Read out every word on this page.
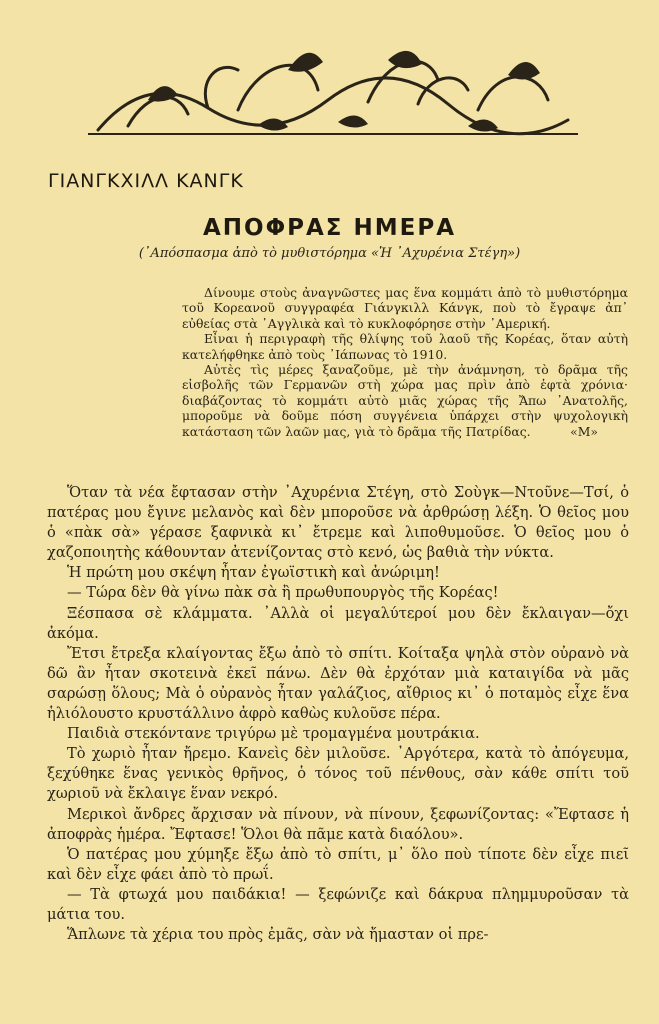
ΓΙΑΝΓΚΧΙΛΛ ΚΑΝΓΚ
ΑΠΟΦΡΑΣ ΗΜΕΡΑ
(᾿Απόσπασμα ἀπὸ τὸ μυθιστόρημα «Ἡ ᾿Αχυρένια Στέγη»)

Δίνουμε στοὺς ἀναγνῶστες μας ἕνα κομμάτι ἀπὸ τὸ μυθιστόρημα τοῦ Κορεανοῦ συγγραφέα Γιάνγκιλλ Κάνγκ, ποὺ τὸ ἔγραψε ἀπ᾿ εὐθείας στὰ ᾿Αγγλικὰ καὶ τὸ κυκλοφόρησε στὴν ᾿Αμερική.

Εἶναι ἡ περιγραφὴ τῆς θλίψης τοῦ λαοῦ τῆς Κορέας, ὅταν αὐτὴ κατελήφθηκε ἀπὸ τοὺς ᾿Ιάπωνας τὸ 1910.

Αὐτὲς τὶς μέρες ξαναζοῦμε, μὲ τὴν ἀνάμνηση, τὸ δρᾶμα τῆς εἰσβολῆς τῶν Γερμανῶν στὴ χώρα μας πρὶν ἀπὸ ἑφτὰ χρόνια· διαβάζοντας τὸ κομμάτι αὐτὸ μιᾶς χώρας τῆς Ἄπω ᾿Ανατολῆς, μποροῦμε νὰ δοῦμε πόση συγγένεια ὑπάρχει στὴν ψυχολογικὴ κατάσταση τῶν λαῶν μας, γιὰ τὸ δρᾶμα τῆς Πατρίδας.	«Μ»

Ὅταν τὰ νέα ἔφτασαν στὴν ᾿Αχυρένια Στέγη, στὸ Σοὺγκ—Ντοῦνε—Τσί, ὁ πατέρας μου ἔγινε μελανὸς καὶ δὲν μποροῦσε νὰ ἀρθρώσῃ λέξη. Ὁ θεῖος μου ὁ «πὰκ σὰ» γέρασε ξαφνικὰ κι᾿ ἔτρεμε καὶ λιποθυμοῦσε. Ὁ θεῖος μου ὁ χαζοποιητὴς κάθουνταν ἀτενίζοντας στὸ κενό, ὡς βαθιὰ τὴν νύκτα.

Ἡ πρώτη μου σκέψη ἦταν ἐγωϊστικὴ καὶ ἀνώριμη!

— Τώρα δὲν θὰ γίνω πὰκ σὰ ἢ πρωθυπουργὸς τῆς Κορέας!

Ξέσπασα σὲ κλάμματα. ᾿Αλλὰ οἱ μεγαλύτεροί μου δὲν ἔκλαιγαν—ὄχι ἀκόμα.

Ἔτσι ἔτρεξα κλαίγοντας ἔξω ἀπὸ τὸ σπίτι. Κοίταξα ψηλὰ στὸν οὐρανὸ νὰ δῶ ἂν ἦταν σκοτεινὰ ἐκεῖ πάνω. Δὲν θὰ ἐρχόταν μιὰ καταιγίδα νὰ μᾶς σαρώσῃ ὅλους; Μὰ ὁ οὐρανὸς ἦταν γαλάζιος, αἴθριος κι᾿ ὁ ποταμὸς εἶχε ἕνα ἡλιόλουστο κρυστάλλινο ἀφρὸ καθὼς κυλοῦσε πέρα.

Παιδιὰ στεκόντανε τριγύρω μὲ τρομαγμένα μουτράκια.

Τὸ χωριὸ ἦταν ἤρεμο. Κανεὶς δὲν μιλοῦσε. ᾿Αργότερα, κατὰ τὸ ἀπόγευμα, ξεχύθηκε ἕνας γενικὸς θρῆνος, ὁ τόνος τοῦ πένθους, σὰν κάθε σπίτι τοῦ χωριοῦ νὰ ἔκλαιγε ἕναν νεκρό.

Μερικοὶ ἄνδρες ἄρχισαν νὰ πίνουν, νὰ πίνουν, ξεφωνίζοντας: «Ἔφτασε ἡ ἀποφρὰς ἡμέρα. Ἔφτασε! Ὅλοι θὰ πᾶμε κατὰ διαόλου».

Ὁ πατέρας μου χύμηξε ἔξω ἀπὸ τὸ σπίτι, μ᾿ ὅλο ποὺ τίποτε δὲν εἶχε πιεῖ καὶ δὲν εἶχε φάει ἀπὸ τὸ πρωΐ.

— Τὰ φτωχά μου παιδάκια! — ξεφώνιζε καὶ δάκρυα πλημμυροῦσαν τὰ μάτια του.

Ἅπλωνε τὰ χέρια του πρὸς ἐμᾶς, σὰν νὰ ἤμασταν οἱ πρε-
